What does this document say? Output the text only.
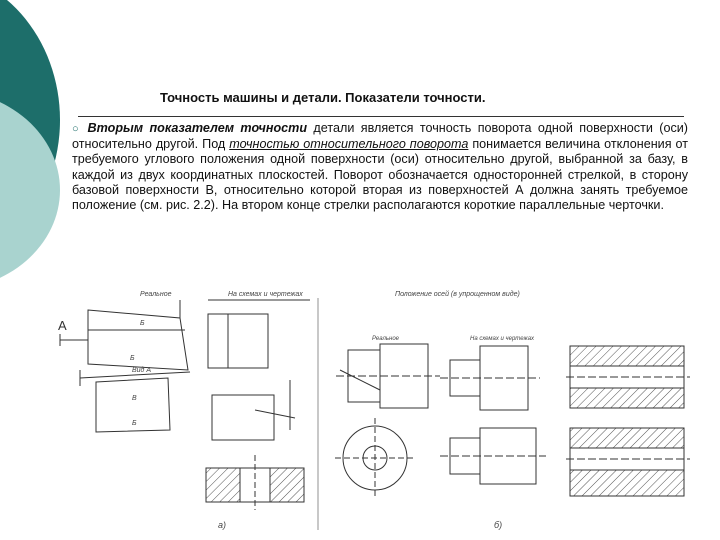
Точность машины и детали. Показатели точности.
○ Вторым показателем точности детали является точность поворота одной поверхности (оси) относительно другой. Под точностью относительного поворота понимается величина отклонения от требуемого углового положения одной поверхности (оси) относительно другой, выбранной за базу, в каждой из двух координатных плоскостей. Поворот обозначается односторонней стрелкой, в сторону базовой поверхности В, относительно которой вторая из поверхностей А должна занять требуемое положение (см. рис. 2.2). На втором конце стрелки располагаются короткие параллельные черточки.
Реальное	На схемах и чертежах
А	Б
Б
Вид А
В
Б
а)
Положение осей (в упрощенном виде)
Реальное	На схемах и чертежах
б)
